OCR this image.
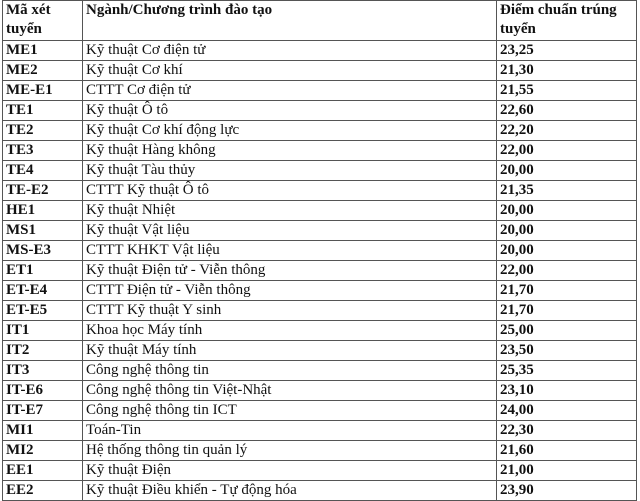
Mã xét tuyển	Ngành/Chương trình đào tạo	Điểm chuẩn trúng tuyển
ME1	Kỹ thuật Cơ điện tử	23,25
ME2	Kỹ thuật Cơ khí	21,30
ME-E1	CTTT Cơ điện tử	21,55
TE1	Kỹ thuật Ô tô	22,60
TE2	Kỹ thuật Cơ khí động lực	22,20
TE3	Kỹ thuật Hàng không	22,00
TE4	Kỹ thuật Tàu thủy	20,00
TE-E2	CTTT Kỹ thuật Ô tô	21,35
HE1	Kỹ thuật Nhiệt	20,00
MS1	Kỹ thuật Vật liệu	20,00
MS-E3	CTTT KHKT Vật liệu	20,00
ET1	Kỹ thuật Điện tử - Viễn thông	22,00
ET-E4	CTTT Điện tử - Viễn thông	21,70
ET-E5	CTTT Kỹ thuật Y sinh	21,70
IT1	Khoa học Máy tính	25,00
IT2	Kỹ thuật Máy tính	23,50
IT3	Công nghệ thông tin	25,35
IT-E6	Công nghệ thông tin Việt-Nhật	23,10
IT-E7	Công nghệ thông tin ICT	24,00
MI1	Toán-Tin	22,30
MI2	Hệ thống thông tin quản lý	21,60
EE1	Kỹ thuật Điện	21,00
EE2	Kỹ thuật Điều khiển - Tự động hóa	23,90
